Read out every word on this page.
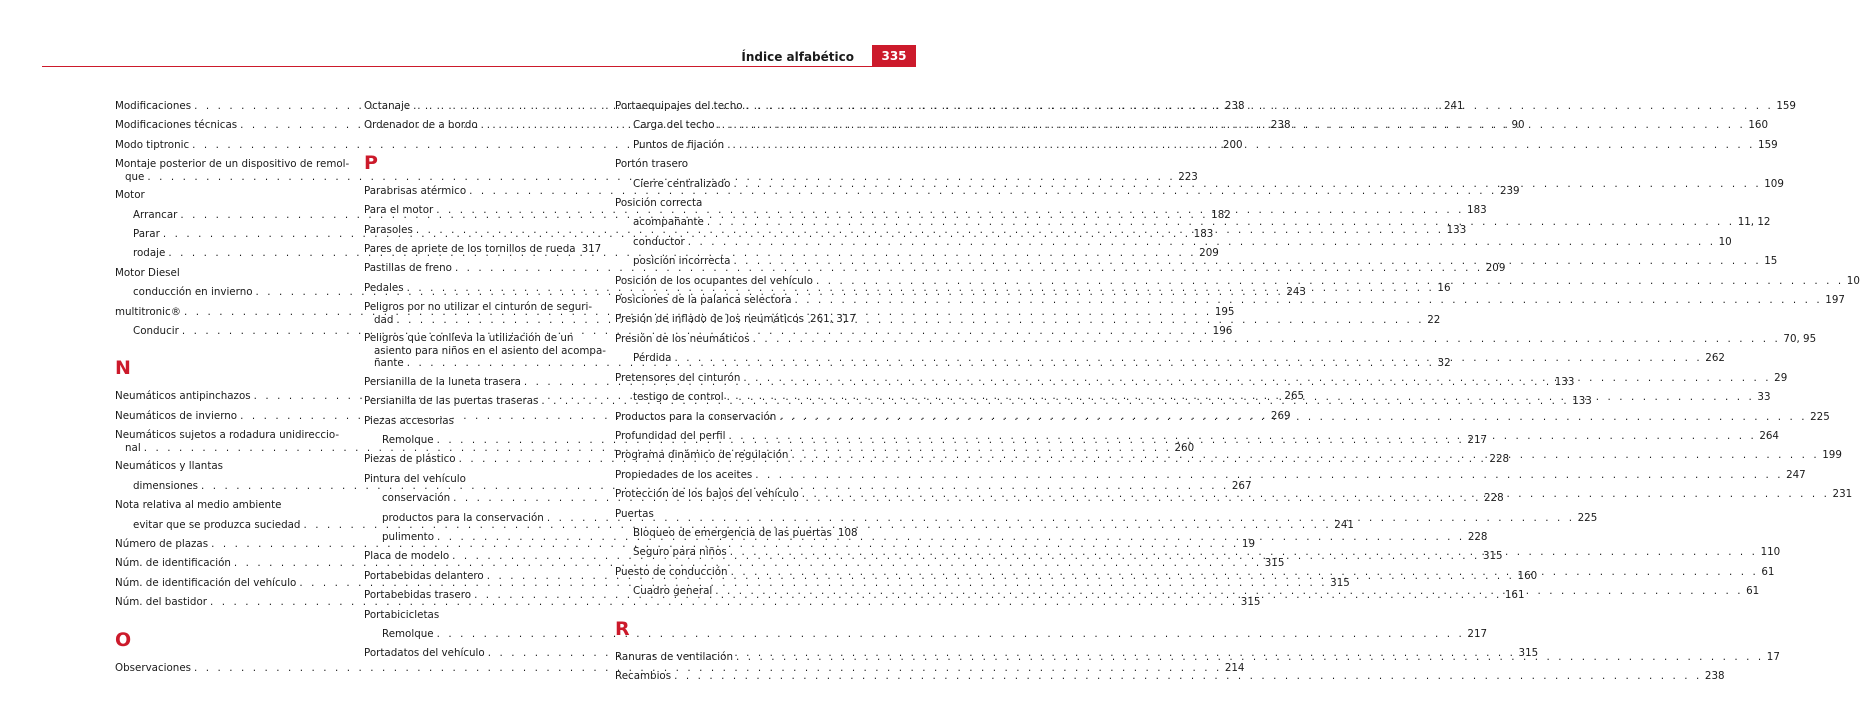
Índice alfabético 335
Modificaciones . . .	238
Modificaciones técnicas . . .	238
Modo tiptronic . . .	200
Montaje posterior de un dispositivo de remol-
que . . .	223
Motor
Arrancar . . .	182
Parar . . .	183
rodaje . . .	209
Motor Diesel
conducción en invierno . . .	243
multitronic® . . .	195
Conducir . . .	196
N
Neumáticos antipinchazos . . .	265
Neumáticos de invierno . . .	269
Neumáticos sujetos a rodadura unidireccio-
nal . . .	260
Neumáticos y llantas
dimensiones . . .	267
Nota relativa al medio ambiente
evitar que se produzca suciedad . . .	241
Número de plazas . . .	19
Núm. de identificación . . .	315
Núm. de identificación del vehículo . . .	315
Núm. del bastidor . . .	315
O
Observaciones . . .	214
Octanaje . . .	241
Ordenador de a bordo . . .	90
P
Parabrisas atérmico . . .	239
Para el motor . . .	183
Parasoles . . .	133
Pares de apriete de los tornillos de rueda 317
Pastillas de freno . . .	209
Pedales . . .	16
Peligros por no utilizar el cinturón de seguri-
dad . . .	22
Peligros que conlleva la utilización de un
asiento para niños en el asiento del acompa-
ñante . . .	32
Persianilla de la luneta trasera . . .	133
Persianilla de las puertas traseras . . .	133
Piezas accesorias
Remolque . . .	217
Piezas de plástico . . .	228
Pintura del vehículo
conservación . . .	228
productos para la conservación . . .	225
pulimento . . .	228
Placa de modelo . . .	315
Portabebidas delantero . . .	160
Portabebidas trasero . . .	161
Portabicicletas
Remolque . . .	217
Portadatos del vehículo . . .	315
Portaequipajes del techo . . .	159
Carga del techo . . .	160
Puntos de fijación . . .	159
Portón trasero
Cierre centralizado . . .	109
Posición correcta
acompañante . . .	11, 12
conductor . . .	10
posición incorrecta . . .	15
Posición de los ocupantes del vehículo . . .	10
Posiciones de la palanca selectora . . .	197
Presión de inflado de los neumáticos 261, 317
Presión de los neumáticos . . .	70, 95
Pérdida . . .	262
Pretensores del cinturón . . .	29
testigo de control . . .	33
Productos para la conservación . . .	225
Profundidad del perfil . . .	264
Programa dinámico de regulación . . .	199
Propiedades de los aceites . . .	247
Protección de los bajos del vehículo . . .	231
Puertas
Bloqueo de emergencia de las puertas 108
Seguro para niños . . .	110
Puesto de conducción . . .	61
Cuadro general . . .	61
R
Ranuras de ventilación . . .	17
Recambios . . .	238
